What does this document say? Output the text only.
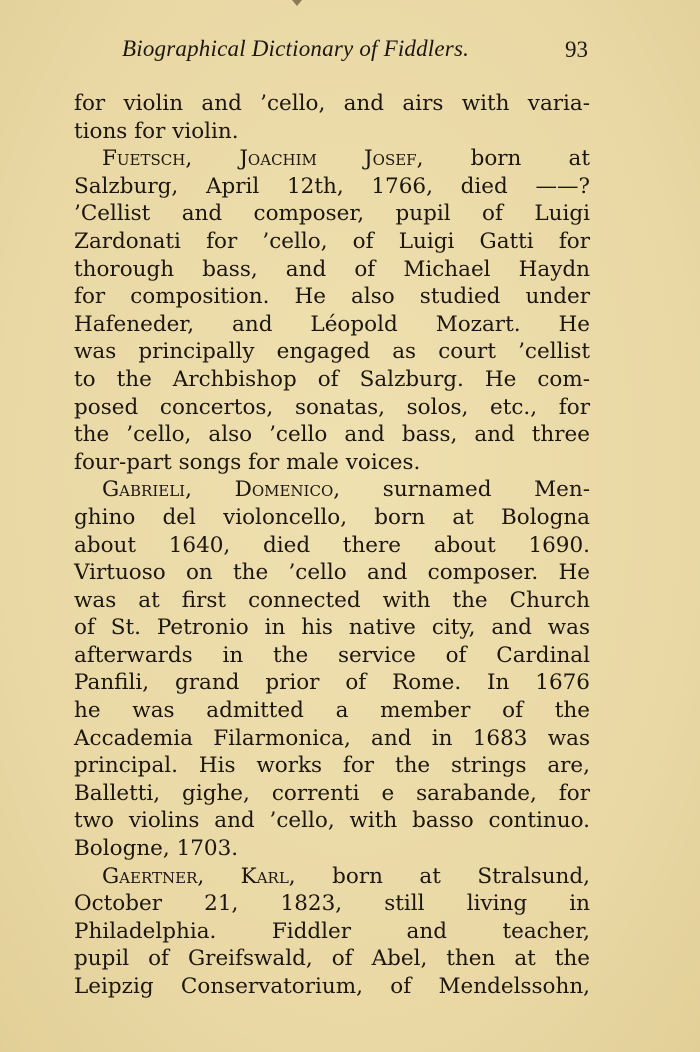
Biographical Dictionary of Fiddlers.	93
for violin and ’cello, and airs with varia-
tions for violin.
Fuetsch, Joachim Josef, born at
Salzburg, April 12th, 1766, died ——?
’Cellist and composer, pupil of Luigi
Zardonati for ’cello, of Luigi Gatti for
thorough bass, and of Michael Haydn
for composition. He also studied under
Hafeneder, and Léopold Mozart. He
was principally engaged as court ’cellist
to the Archbishop of Salzburg. He com-
posed concertos, sonatas, solos, etc., for
the ’cello, also ’cello and bass, and three
four-part songs for male voices.
Gabrieli, Domenico, surnamed Men-
ghino del violoncello, born at Bologna
about 1640, died there about 1690.
Virtuoso on the ’cello and composer. He
was at first connected with the Church
of St. Petronio in his native city, and was
afterwards in the service of Cardinal
Panfili, grand prior of Rome. In 1676
he was admitted a member of the
Accademia Filarmonica, and in 1683 was
principal. His works for the strings are,
Balletti, gighe, correnti e sarabande, for
two violins and ’cello, with basso continuo.
Bologne, 1703.
Gaertner, Karl, born at Stralsund,
October 21, 1823, still living in
Philadelphia. Fiddler and teacher,
pupil of Greifswald, of Abel, then at the
Leipzig Conservatorium, of Mendelssohn,
